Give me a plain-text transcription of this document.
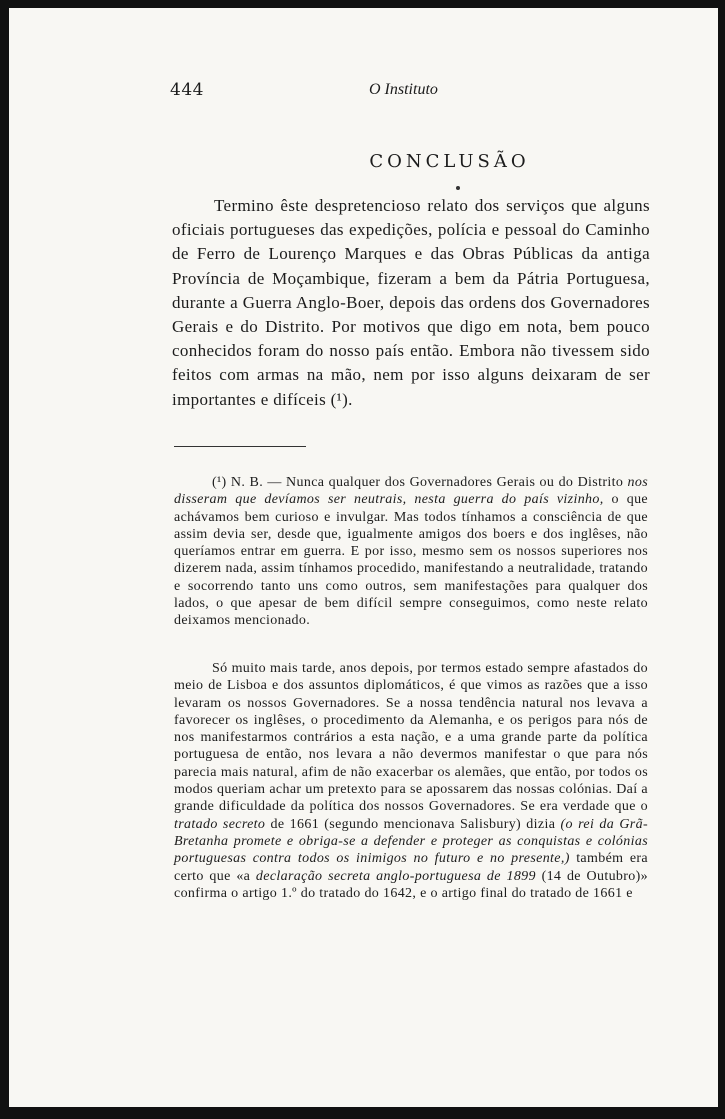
444	O Instituto
CONCLUSÃO
Termino êste despretencioso relato dos serviços que alguns oficiais portugueses das expedições, polícia e pessoal do Caminho de Ferro de Lourenço Marques e das Obras Públicas da antiga Província de Moçambique, fizeram a bem da Pátria Portuguesa, durante a Guerra Anglo-Boer, depois das ordens dos Governadores Gerais e do Distrito. Por motivos que digo em nota, bem pouco conhecidos foram do nosso país então. Embora não tivessem sido feitos com armas na mão, nem por isso alguns deixaram de ser importantes e difíceis (¹).
(¹) N. B. — Nunca qualquer dos Governadores Gerais ou do Distrito nos disseram que devíamos ser neutrais, nesta guerra do país vizinho, o que achávamos bem curioso e invulgar. Mas todos tínhamos a consciência de que assim devia ser, desde que, igualmente amigos dos boers e dos inglêses, não queríamos entrar em guerra. E por isso, mesmo sem os nossos superiores nos dizerem nada, assim tínhamos procedido, manifestando a neutralidade, tratando e socorrendo tanto uns como outros, sem manifestações para qualquer dos lados, o que apesar de bem difícil sempre conseguimos, como neste relato deixamos mencionado.
Só muito mais tarde, anos depois, por termos estado sempre afastados do meio de Lisboa e dos assuntos diplomáticos, é que vimos as razões que a isso levaram os nossos Governadores. Se a nossa tendência natural nos levava a favorecer os inglêses, o procedimento da Alemanha, e os perigos para nós de nos manifestarmos contrários a esta nação, e a uma grande parte da política portuguesa de então, nos levara a não devermos manifestar o que para nós parecia mais natural, afim de não exacerbar os alemães, que então, por todos os modos queriam achar um pretexto para se apossarem das nossas colónias. Daí a grande dificuldade da política dos nossos Governadores. Se era verdade que o tratado secreto de 1661 (segundo mencionava Salisbury) dizia (o rei da Grã-Bretanha promete e obriga-se a defender e proteger as conquistas e colónias portuguesas contra todos os inimigos no futuro e no presente,) também era certo que «a declaração secreta anglo-portuguesa de 1899 (14 de Outubro)» confirma o artigo 1.º do tratado do 1642, e o artigo final do tratado de 1661 e
